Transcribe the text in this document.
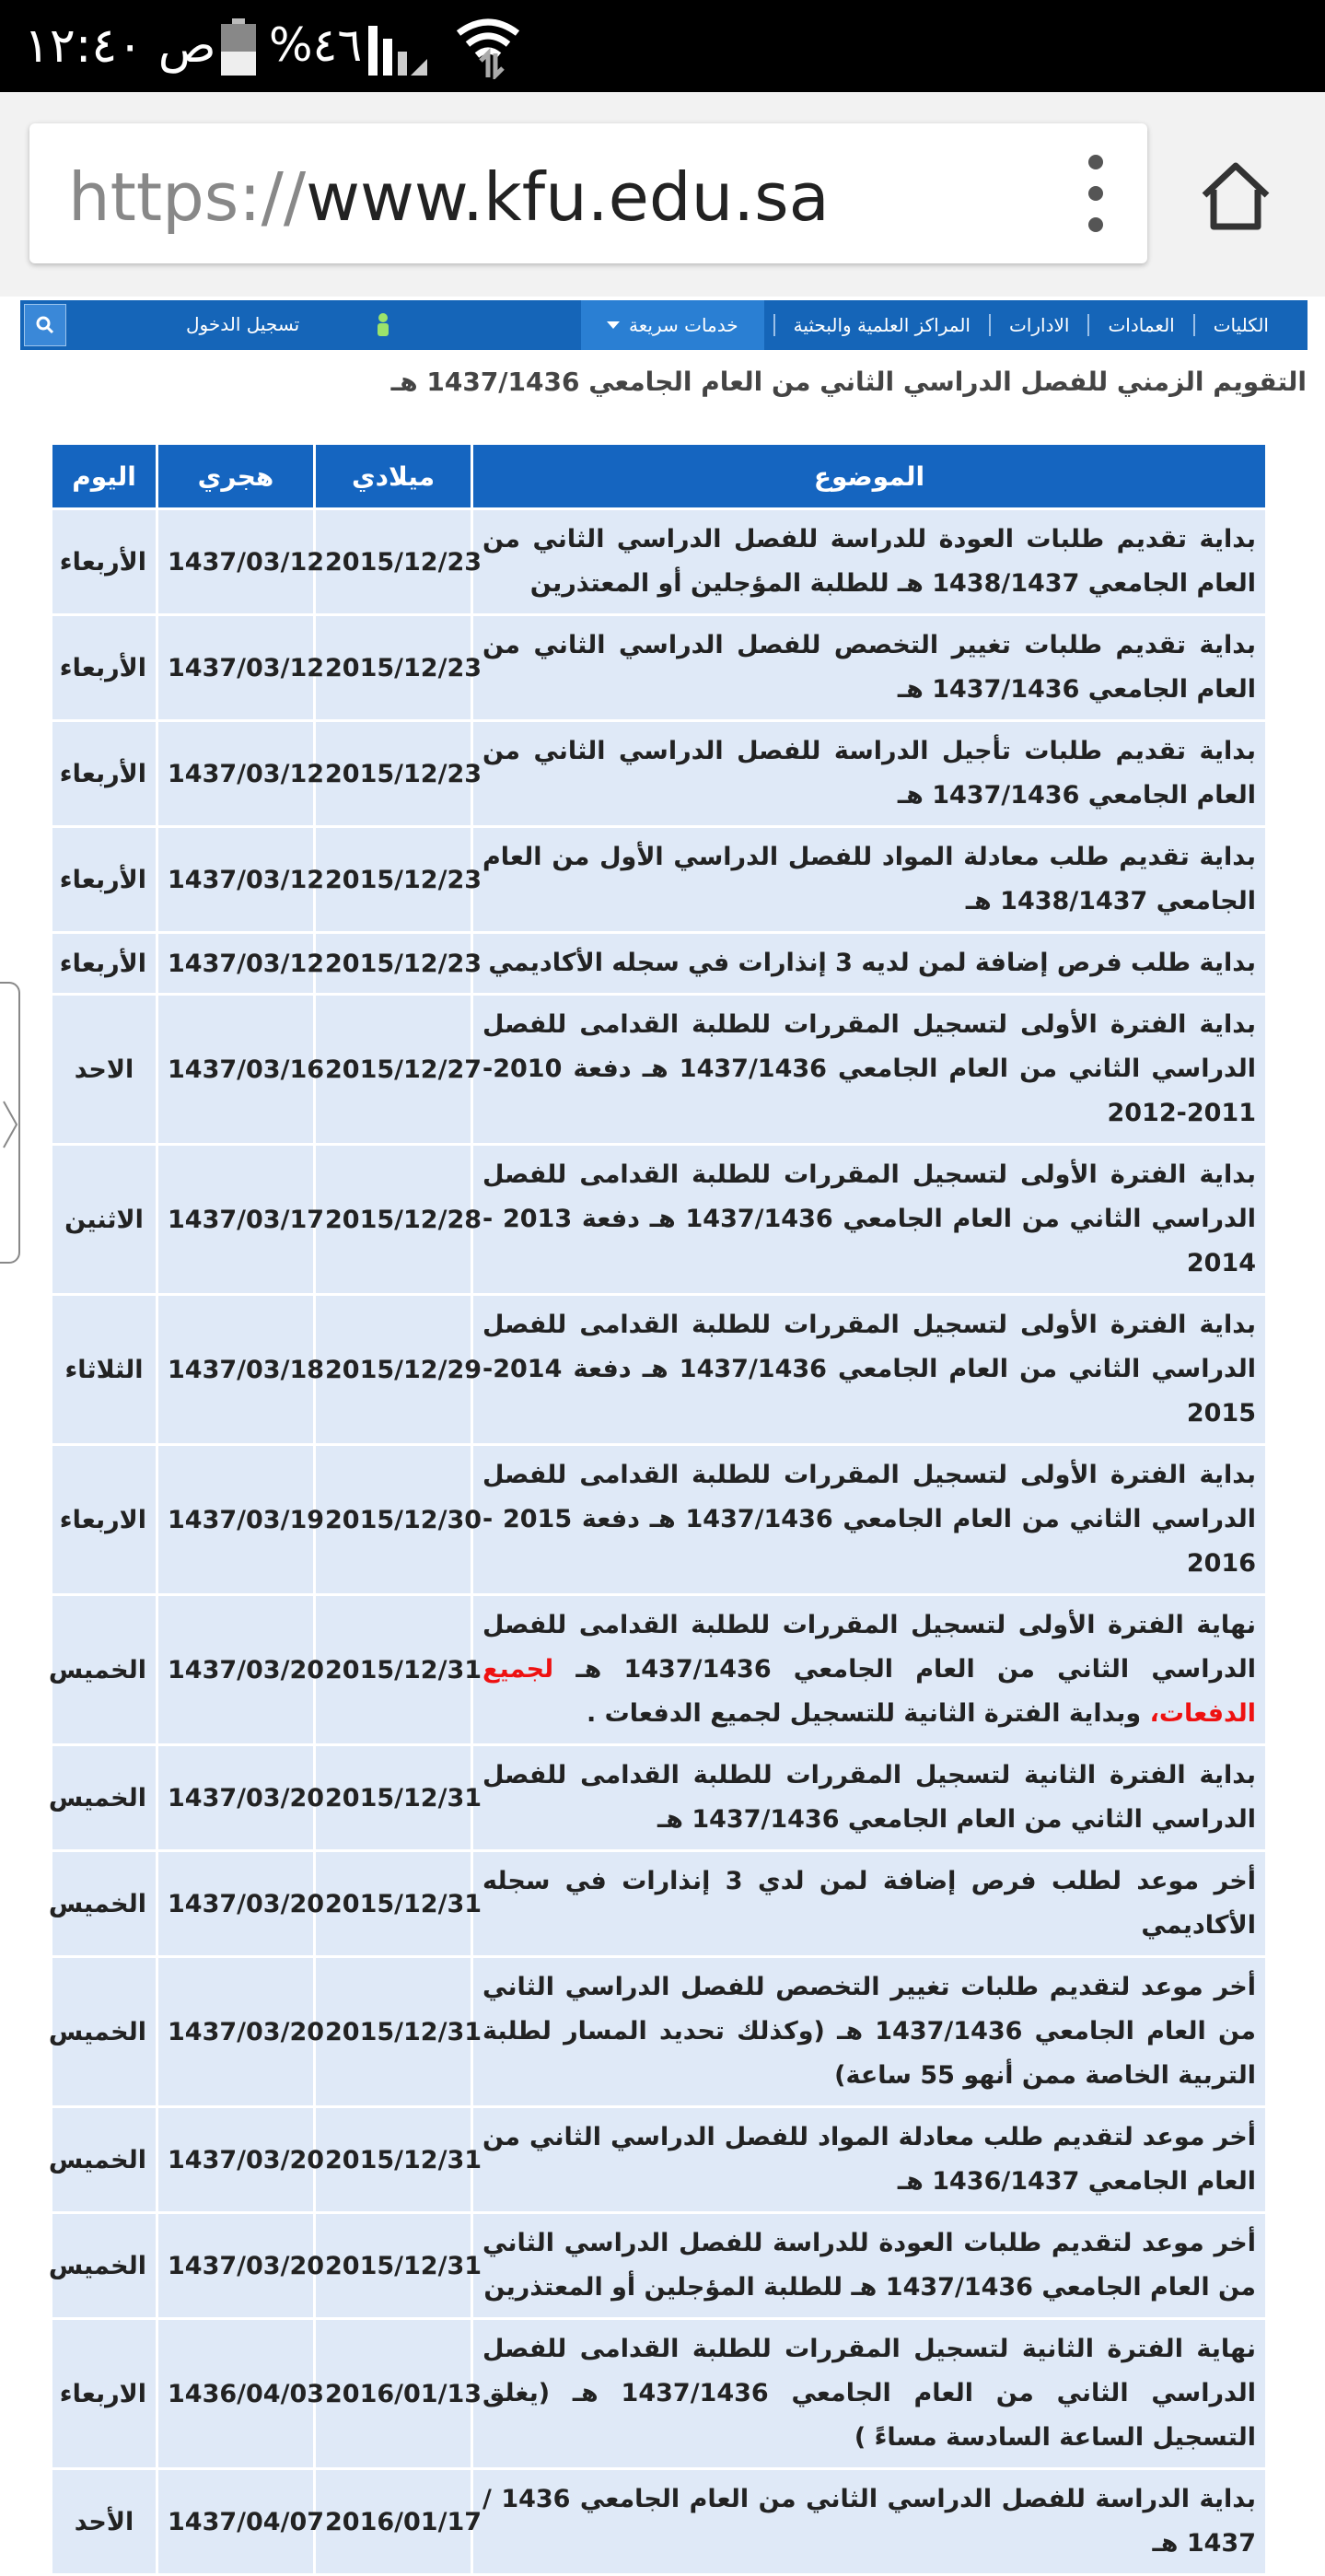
ص ١٢:٤٠ %٤٦
https://www.kfu.edu.sa
الكليات
العمادات
الادارات
المراكز العلمية والبحثية
خدمات سريعة
تسجيل الدخول
التقويم الزمني للفصل الدراسي الثاني من العام الجامعي 1437/1436 هـ
الموضوع	ميلادي	هجري	اليوم
بداية تقديم طلبات العودة للدراسة للفصل الدراسي الثاني من العام الجامعي 1438/1437 هـ للطلبة المؤجلين أو المعتذرين	2015/12/23	1437/03/12	الأربعاء
بداية تقديم طلبات تغيير التخصص للفصل الدراسي الثاني من العام الجامعي 1437/1436 هـ	2015/12/23	1437/03/12	الأربعاء
بداية تقديم طلبات تأجيل الدراسة للفصل الدراسي الثاني من العام الجامعي 1437/1436 هـ	2015/12/23	1437/03/12	الأربعاء
بداية تقديم طلب معادلة المواد للفصل الدراسي الأول من العام الجامعي 1438/1437 هـ	2015/12/23	1437/03/12	الأربعاء
بداية طلب فرص إضافة لمن لديه 3 إنذارات في سجله الأكاديمي	2015/12/23	1437/03/12	الأربعاء
بداية الفترة الأولى لتسجيل المقررات للطلبة القدامى للفصل الدراسي الثاني من العام الجامعي 1437/1436 هـ دفعة 2010-2011-2012	2015/12/27	1437/03/16	الاحد
بداية الفترة الأولى لتسجيل المقررات للطلبة القدامى للفصل الدراسي الثاني من العام الجامعي 1437/1436 هـ دفعة 2013 - 2014	2015/12/28	1437/03/17	الاثنين
بداية الفترة الأولى لتسجيل المقررات للطلبة القدامى للفصل الدراسي الثاني من العام الجامعي 1437/1436 هـ دفعة 2014-2015	2015/12/29	1437/03/18	الثلاثاء
بداية الفترة الأولى لتسجيل المقررات للطلبة القدامى للفصل الدراسي الثاني من العام الجامعي 1437/1436 هـ دفعة 2015 - 2016	2015/12/30	1437/03/19	الاربعاء
نهاية الفترة الأولى لتسجيل المقررات للطلبة القدامى للفصل الدراسي الثاني من العام الجامعي 1437/1436 هـ لجميع الدفعات، وبداية الفترة الثانية للتسجيل لجميع الدفعات .	2015/12/31	1437/03/20	الخميس
بداية الفترة الثانية لتسجيل المقررات للطلبة القدامى للفصل الدراسي الثاني من العام الجامعي 1437/1436 هـ	2015/12/31	1437/03/20	الخميس
أخر موعد لطلب فرص إضافة لمن لدي 3 إنذارات في سجله الأكاديمي	2015/12/31	1437/03/20	الخميس
أخر موعد لتقديم طلبات تغيير التخصص للفصل الدراسي الثاني من العام الجامعي 1437/1436 هـ (وكذلك تحديد المسار لطلبة التربية الخاصة ممن أنهو 55 ساعة)	2015/12/31	1437/03/20	الخميس
أخر موعد لتقديم طلب معادلة المواد للفصل الدراسي الثاني من العام الجامعي 1436/1437 هـ	2015/12/31	1437/03/20	الخميس
أخر موعد لتقديم طلبات العودة للدراسة للفصل الدراسي الثاني من العام الجامعي 1437/1436 هـ للطلبة المؤجلين أو المعتذرين	2015/12/31	1437/03/20	الخميس
نهاية الفترة الثانية لتسجيل المقررات للطلبة القدامى للفصل الدراسي الثاني من العام الجامعي 1437/1436 هـ (يغلق التسجيل الساعة السادسة مساءً )	2016/01/13	1436/04/03	الاربعاء
بداية الدراسة للفصل الدراسي الثاني من العام الجامعي 1436 / 1437 هـ	2016/01/17	1437/04/07	الأحد
